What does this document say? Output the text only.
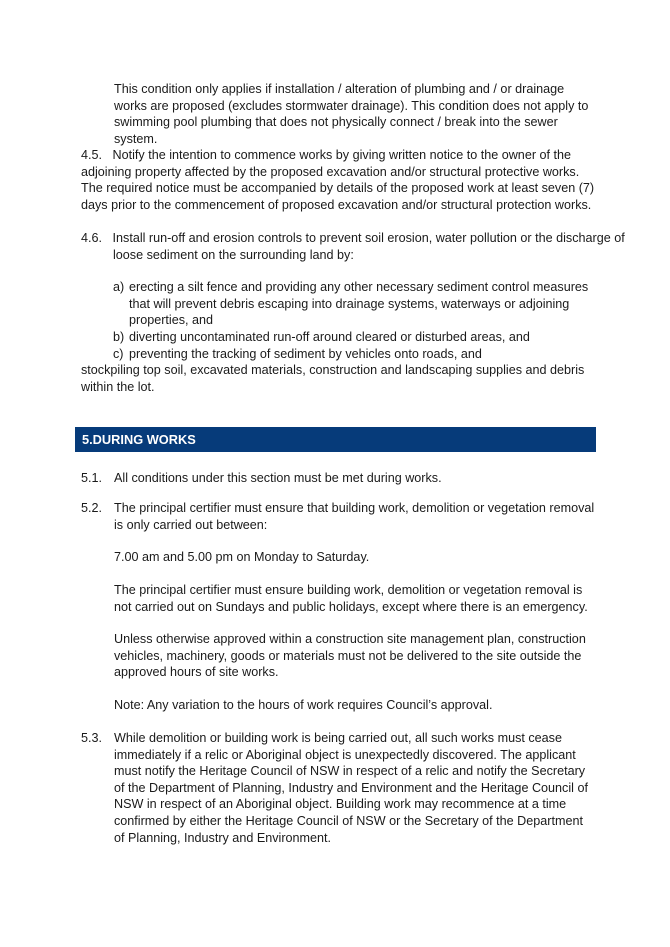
This condition only applies if installation / alteration of plumbing and / or drainage works are proposed (excludes stormwater drainage). This condition does not apply to swimming pool plumbing that does not physically connect / break into the sewer system.

4.5. Notify the intention to commence works by giving written notice to the owner of the adjoining property affected by the proposed excavation and/or structural protective works. The required notice must be accompanied by details of the proposed work at least seven (7) days prior to the commencement of proposed excavation and/or structural protection works.

4.6. Install run-off and erosion controls to prevent soil erosion, water pollution or the discharge of loose sediment on the surrounding land by:

a) erecting a silt fence and providing any other necessary sediment control measures that will prevent debris escaping into drainage systems, waterways or adjoining properties, and
b) diverting uncontaminated run-off around cleared or disturbed areas, and
c) preventing the tracking of sediment by vehicles onto roads, and

stockpiling top soil, excavated materials, construction and landscaping supplies and debris within the lot.

5.DURING WORKS
5.1. All conditions under this section must be met during works.

5.2. The principal certifier must ensure that building work, demolition or vegetation removal is only carried out between:

7.00 am and 5.00 pm on Monday to Saturday.

The principal certifier must ensure building work, demolition or vegetation removal is not carried out on Sundays and public holidays, except where there is an emergency.

Unless otherwise approved within a construction site management plan, construction vehicles, machinery, goods or materials must not be delivered to the site outside the approved hours of site works.

Note: Any variation to the hours of work requires Council’s approval.

5.3. While demolition or building work is being carried out, all such works must cease immediately if a relic or Aboriginal object is unexpectedly discovered. The applicant must notify the Heritage Council of NSW in respect of a relic and notify the Secretary of the Department of Planning, Industry and Environment and the Heritage Council of NSW in respect of an Aboriginal object. Building work may recommence at a time confirmed by either the Heritage Council of NSW or the Secretary of the Department of Planning, Industry and Environment.
